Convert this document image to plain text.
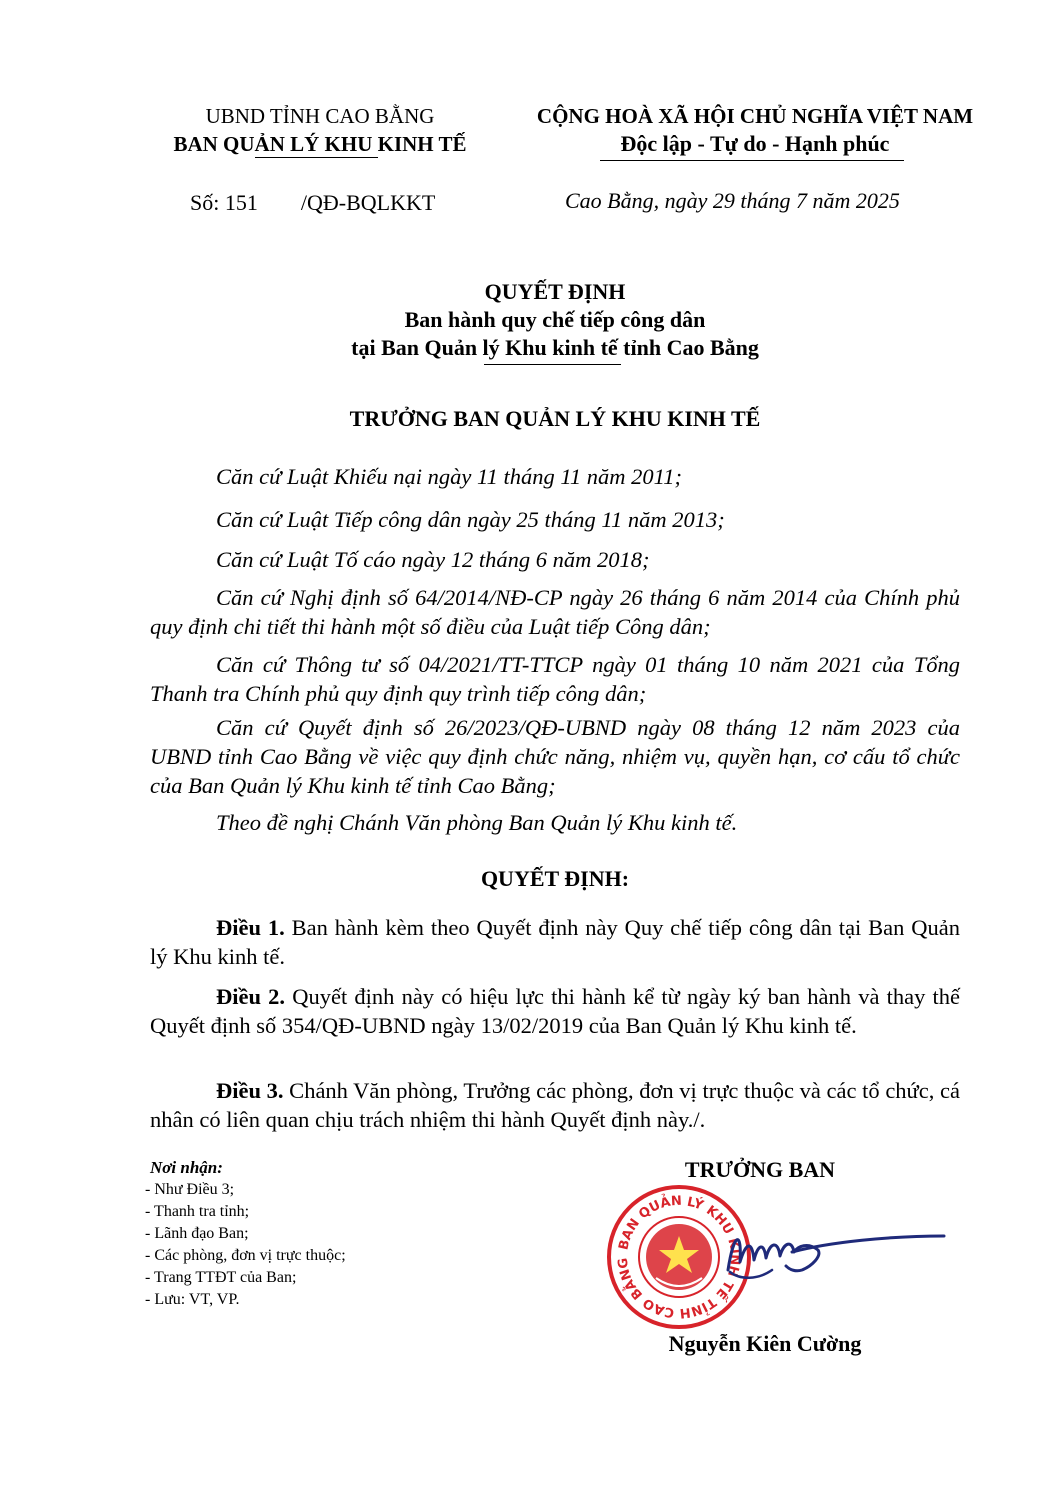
UBND TỈNH CAO BẰNG
BAN QUẢN LÝ KHU KINH TẾ
CỘNG HOÀ XÃ HỘI CHỦ NGHĨA VIỆT NAM
Độc lập - Tự do - Hạnh phúc
Số: 151 /QĐ-BQLKKT	Cao Bằng, ngày 29 tháng 7 năm 2025
QUYẾT ĐỊNH
Ban hành quy chế tiếp công dân
tại Ban Quản lý Khu kinh tế tỉnh Cao Bằng
TRƯỞNG BAN QUẢN LÝ KHU KINH TẾ
Căn cứ Luật Khiếu nại ngày 11 tháng 11 năm 2011;
Căn cứ Luật Tiếp công dân ngày 25 tháng 11 năm 2013;
Căn cứ Luật Tố cáo ngày 12 tháng 6 năm 2018;
Căn cứ Nghị định số 64/2014/NĐ-CP ngày 26 tháng 6 năm 2014 của Chính phủ quy định chi tiết thi hành một số điều của Luật tiếp Công dân;
Căn cứ Thông tư số 04/2021/TT-TTCP ngày 01 tháng 10 năm 2021 của Tổng Thanh tra Chính phủ quy định quy trình tiếp công dân;
Căn cứ Quyết định số 26/2023/QĐ-UBND ngày 08 tháng 12 năm 2023 của UBND tỉnh Cao Bằng về việc quy định chức năng, nhiệm vụ, quyền hạn, cơ cấu tổ chức của Ban Quản lý Khu kinh tế tỉnh Cao Bằng;
Theo đề nghị Chánh Văn phòng Ban Quản lý Khu kinh tế.
QUYẾT ĐỊNH:
Điều 1. Ban hành kèm theo Quyết định này Quy chế tiếp công dân tại Ban Quản lý Khu kinh tế.
Điều 2. Quyết định này có hiệu lực thi hành kể từ ngày ký ban hành và thay thế Quyết định số 354/QĐ-UBND ngày 13/02/2019 của Ban Quản lý Khu kinh tế.
Điều 3. Chánh Văn phòng, Trưởng các phòng, đơn vị trực thuộc và các tổ chức, cá nhân có liên quan chịu trách nhiệm thi hành Quyết định này./.
Nơi nhận:
- Như Điều 3;
- Thanh tra tỉnh;
- Lãnh đạo Ban;
- Các phòng, đơn vị trực thuộc;
- Trang TTĐT của Ban;
- Lưu: VT, VP.
TRƯỞNG BAN
BAN QUẢN LÝ KHU KINH TẾ TỈNH CAO BẰNG
Nguyễn Kiên Cường
